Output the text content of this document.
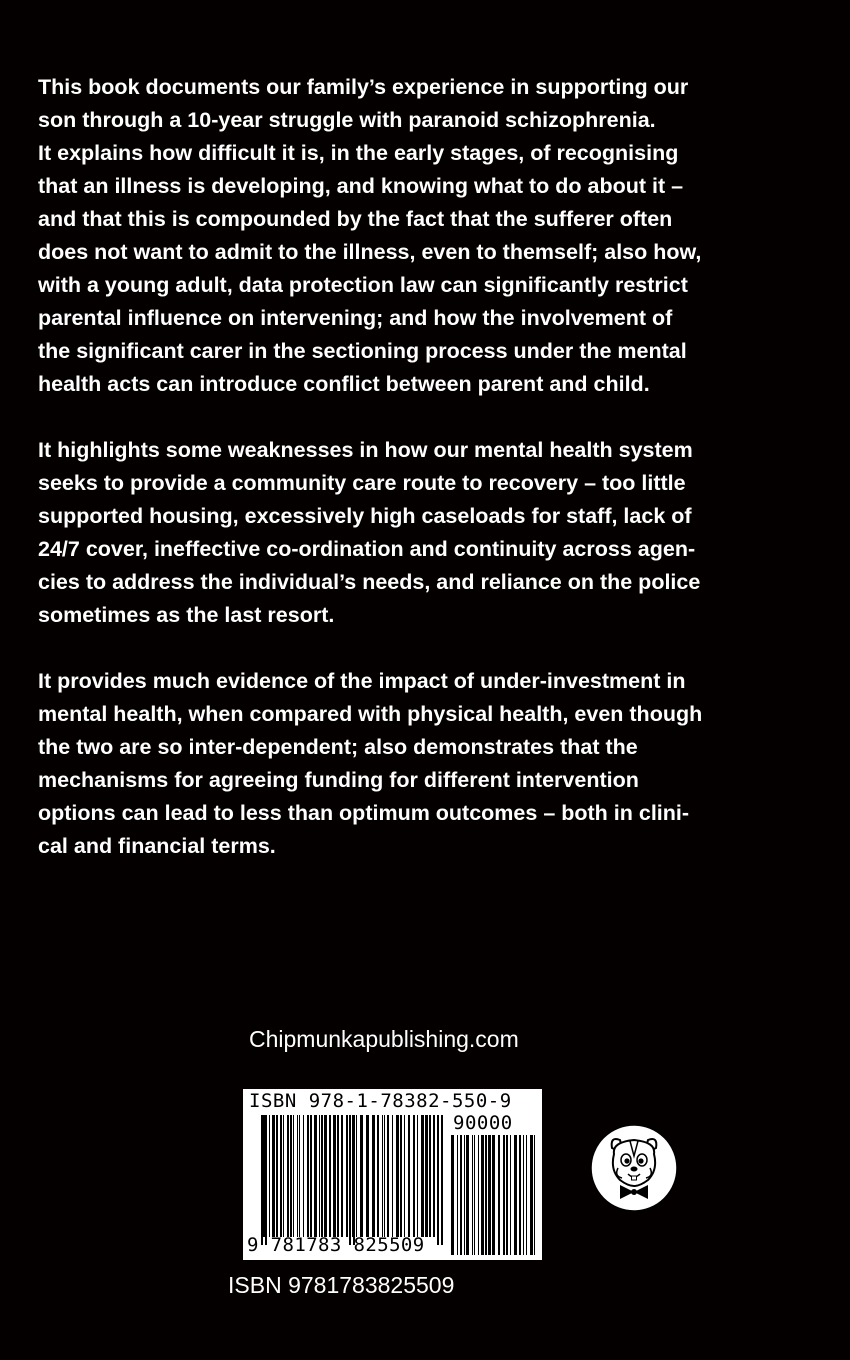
This book documents our family’s experience in supporting our
son through a 10-year struggle with paranoid schizophrenia.
It explains how difficult it is, in the early stages, of recognising
that an illness is developing, and knowing what to do about it –
and that this is compounded by the fact that the sufferer often
does not want to admit to the illness, even to themself; also how,
with a young adult, data protection law can significantly restrict
parental influence on intervening; and how the involvement of
the significant carer in the sectioning process under the mental
health acts can introduce conflict between parent and child.
It highlights some weaknesses in how our mental health system
seeks to provide a community care route to recovery – too little
supported housing, excessively high caseloads for staff, lack of
24/7 cover, ineffective co-ordination and continuity across agen-
cies to address the individual’s needs, and reliance on the police
sometimes as the last resort.
It provides much evidence of the impact of under-investment in
mental health, when compared with physical health, even though
the two are so inter-dependent; also demonstrates that the
mechanisms for agreeing funding for different intervention
options can lead to less than optimum outcomes – both in clini-
cal and financial terms.
Chipmunkapublishing.com
ISBN 978-1-78382-550-9
90000
9 781783 825509
ISBN 9781783825509
